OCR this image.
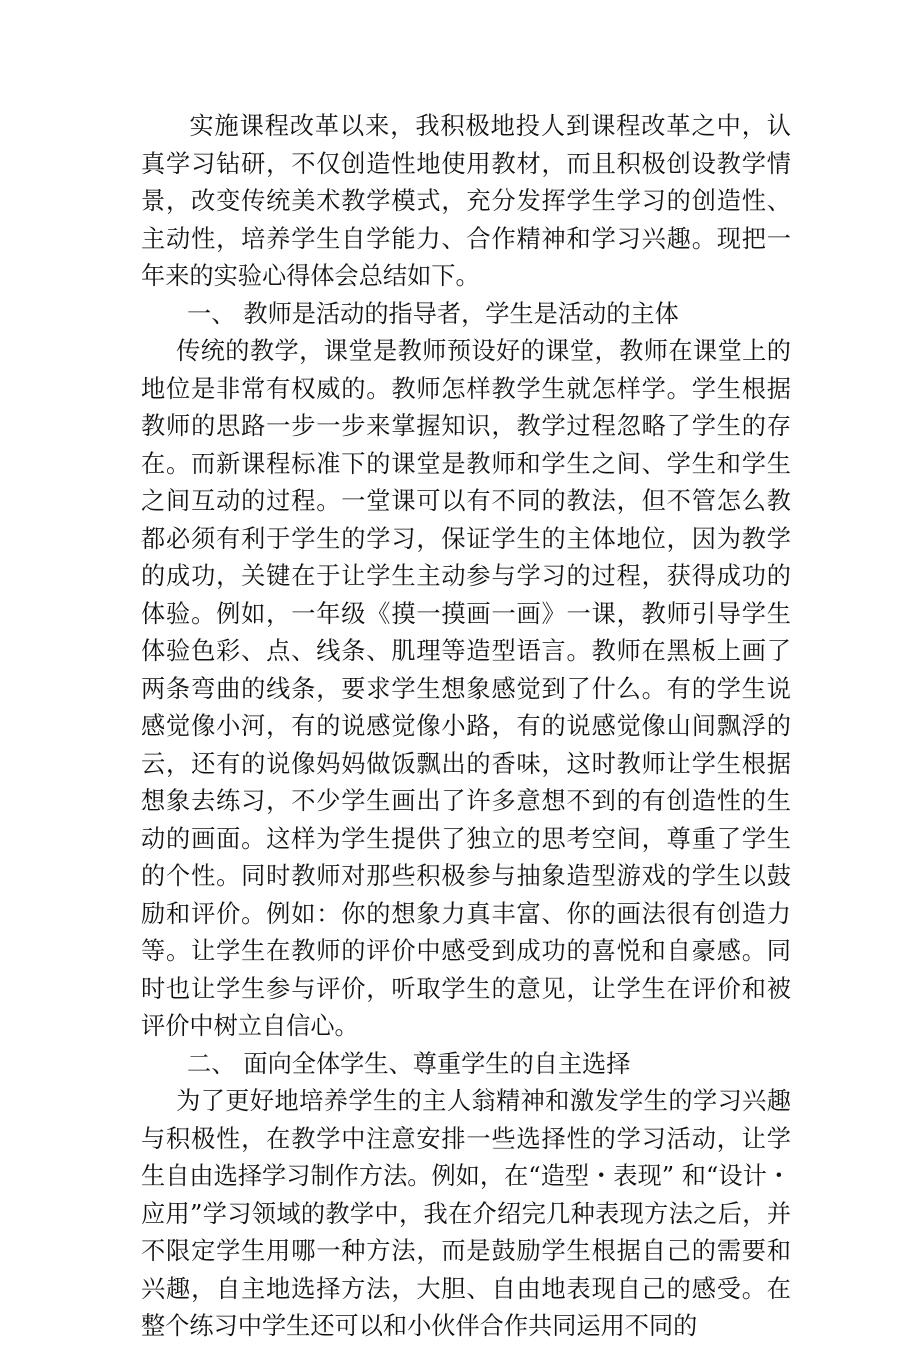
实施课程改革以来，我积极地投人到课程改革之中，认真学习钻研，不仅创造性地使用教材，而且积极创设教学情景，改变传统美术教学模式，充分发挥学生学习的创造性、主动性，培养学生自学能力、合作精神和学习兴趣。现把一年来的实验心得体会总结如下。

一、 教师是活动的指导者，学生是活动的主体

传统的教学，课堂是教师预设好的课堂，教师在课堂上的地位是非常有权威的。教师怎样教学生就怎样学。学生根据教师的思路一步一步来掌握知识，教学过程忽略了学生的存在。而新课程标准下的课堂是教师和学生之间、学生和学生之间互动的过程。一堂课可以有不同的教法，但不管怎么教都必须有利于学生的学习，保证学生的主体地位，因为教学的成功，关键在于让学生主动参与学习的过程，获得成功的体验。例如，一年级《摸一摸画一画》一课，教师引导学生体验色彩、点、线条、肌理等造型语言。教师在黑板上画了两条弯曲的线条，要求学生想象感觉到了什么。有的学生说感觉像小河，有的说感觉像小路，有的说感觉像山间飘浮的云，还有的说像妈妈做饭飘出的香味，这时教师让学生根据想象去练习，不少学生画出了许多意想不到的有创造性的生动的画面。这样为学生提供了独立的思考空间，尊重了学生的个性。同时教师对那些积极参与抽象造型游戏的学生以鼓励和评价。例如：你的想象力真丰富、你的画法很有创造力等。让学生在教师的评价中感受到成功的喜悦和自豪感。同时也让学生参与评价，听取学生的意见，让学生在评价和被评价中树立自信心。

二、 面向全体学生、尊重学生的自主选择

为了更好地培养学生的主人翁精神和激发学生的学习兴趣与积极性，在教学中注意安排一些选择性的学习活动，让学生自由选择学习制作方法。例如，在“造型・表现” 和“设计・应用”学习领域的教学中，我在介绍完几种表现方法之后，并不限定学生用哪一种方法，而是鼓励学生根据自己的需要和兴趣，自主地选择方法，大胆、自由地表现自己的感受。在整个练习中学生还可以和小伙伴合作共同运用不同的
